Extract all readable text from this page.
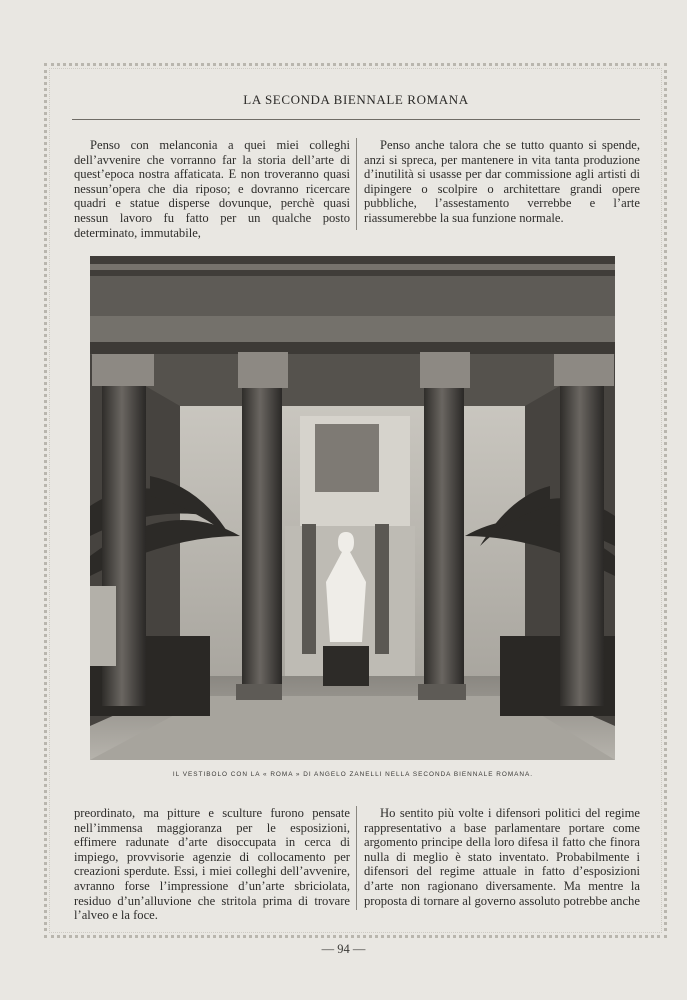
LA SECONDA BIENNALE ROMANA

Penso con melanconia a quei miei colleghi dell’avvenire che vorranno far la storia dell’arte di quest’epoca nostra affaticata. E non troveranno quasi nessun’opera che dia riposo; e dovranno ricercare quadri e statue disperse dovunque, perchè quasi nessun lavoro fu fatto per un qualche posto determinato, immutabile,

Penso anche talora che se tutto quanto si spende, anzi si spreca, per mantenere in vita tanta produzione d’inutilità si usasse per dar commissione agli artisti di dipingere o scolpire o architettare grandi opere pubbliche, l’assestamento verrebbe e l’arte riassumerebbe la sua funzione normale.

IL VESTIBOLO CON LA « ROMA » DI ANGELO ZANELLI NELLA SECONDA BIENNALE ROMANA.

preordinato, ma pitture e sculture furono pensate nell’immensa maggioranza per le esposizioni, effimere radunate d’arte disoccupata in cerca di impiego, provvisorie agenzie di collocamento per creazioni sperdute. Essi, i miei colleghi dell’avvenire, avranno forse l’impressione d’un’arte sbriciolata, residuo d’un’alluvione che stritola prima di trovare l’alveo e la foce.

Ho sentito più volte i difensori politici del regime rappresentativo a base parlamentare portare come argomento principe della loro difesa il fatto che finora nulla di meglio è stato inventato. Probabilmente i difensori del regime attuale in fatto d’esposizioni d’arte non ragionano diversamente. Ma mentre la proposta di tornare al governo assoluto potrebbe anche

— 94 —
